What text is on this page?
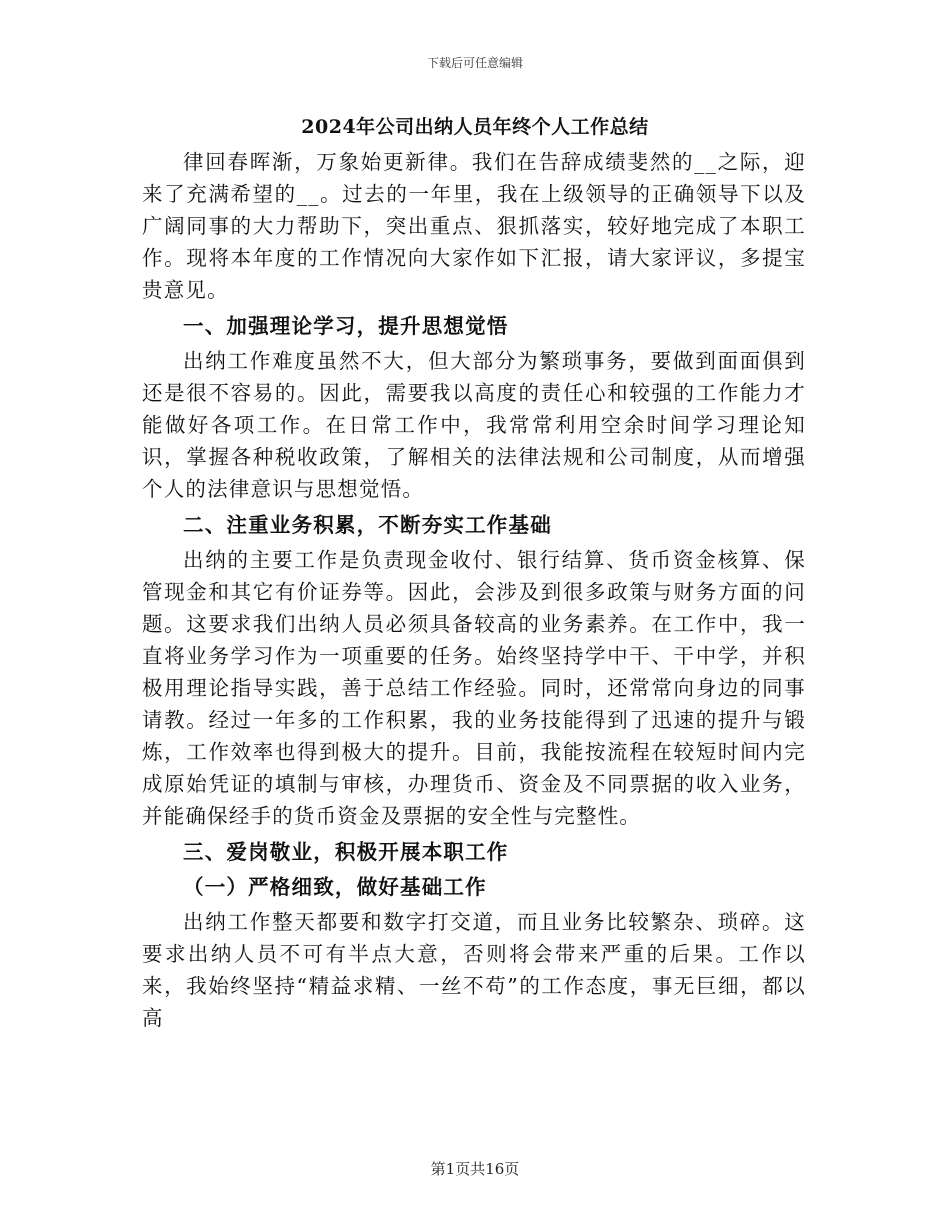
下载后可任意编辑
2024年公司出纳人员年终个人工作总结

律回春晖渐，万象始更新律。我们在告辞成绩斐然的__之际，迎来了充满希望的__。过去的一年里，我在上级领导的正确领导下以及广阔同事的大力帮助下，突出重点、狠抓落实，较好地完成了本职工作。现将本年度的工作情况向大家作如下汇报，请大家评议，多提宝贵意见。

一、加强理论学习，提升思想觉悟

出纳工作难度虽然不大，但大部分为繁琐事务，要做到面面俱到还是很不容易的。因此，需要我以高度的责任心和较强的工作能力才能做好各项工作。在日常工作中，我常常利用空余时间学习理论知识，掌握各种税收政策，了解相关的法律法规和公司制度，从而增强个人的法律意识与思想觉悟。

二、注重业务积累，不断夯实工作基础

出纳的主要工作是负责现金收付、银行结算、货币资金核算、保管现金和其它有价证券等。因此，会涉及到很多政策与财务方面的问题。这要求我们出纳人员必须具备较高的业务素养。在工作中，我一直将业务学习作为一项重要的任务。始终坚持学中干、干中学，并积极用理论指导实践，善于总结工作经验。同时，还常常向身边的同事请教。经过一年多的工作积累，我的业务技能得到了迅速的提升与锻炼，工作效率也得到极大的提升。目前，我能按流程在较短时间内完成原始凭证的填制与审核，办理货币、资金及不同票据的收入业务，并能确保经手的货币资金及票据的安全性与完整性。

三、爱岗敬业，积极开展本职工作
（一）严格细致，做好基础工作

出纳工作整天都要和数字打交道，而且业务比较繁杂、琐碎。这要求出纳人员不可有半点大意，否则将会带来严重的后果。工作以来，我始终坚持“精益求精、一丝不苟”的工作态度，事无巨细，都以高

第1页共16页
